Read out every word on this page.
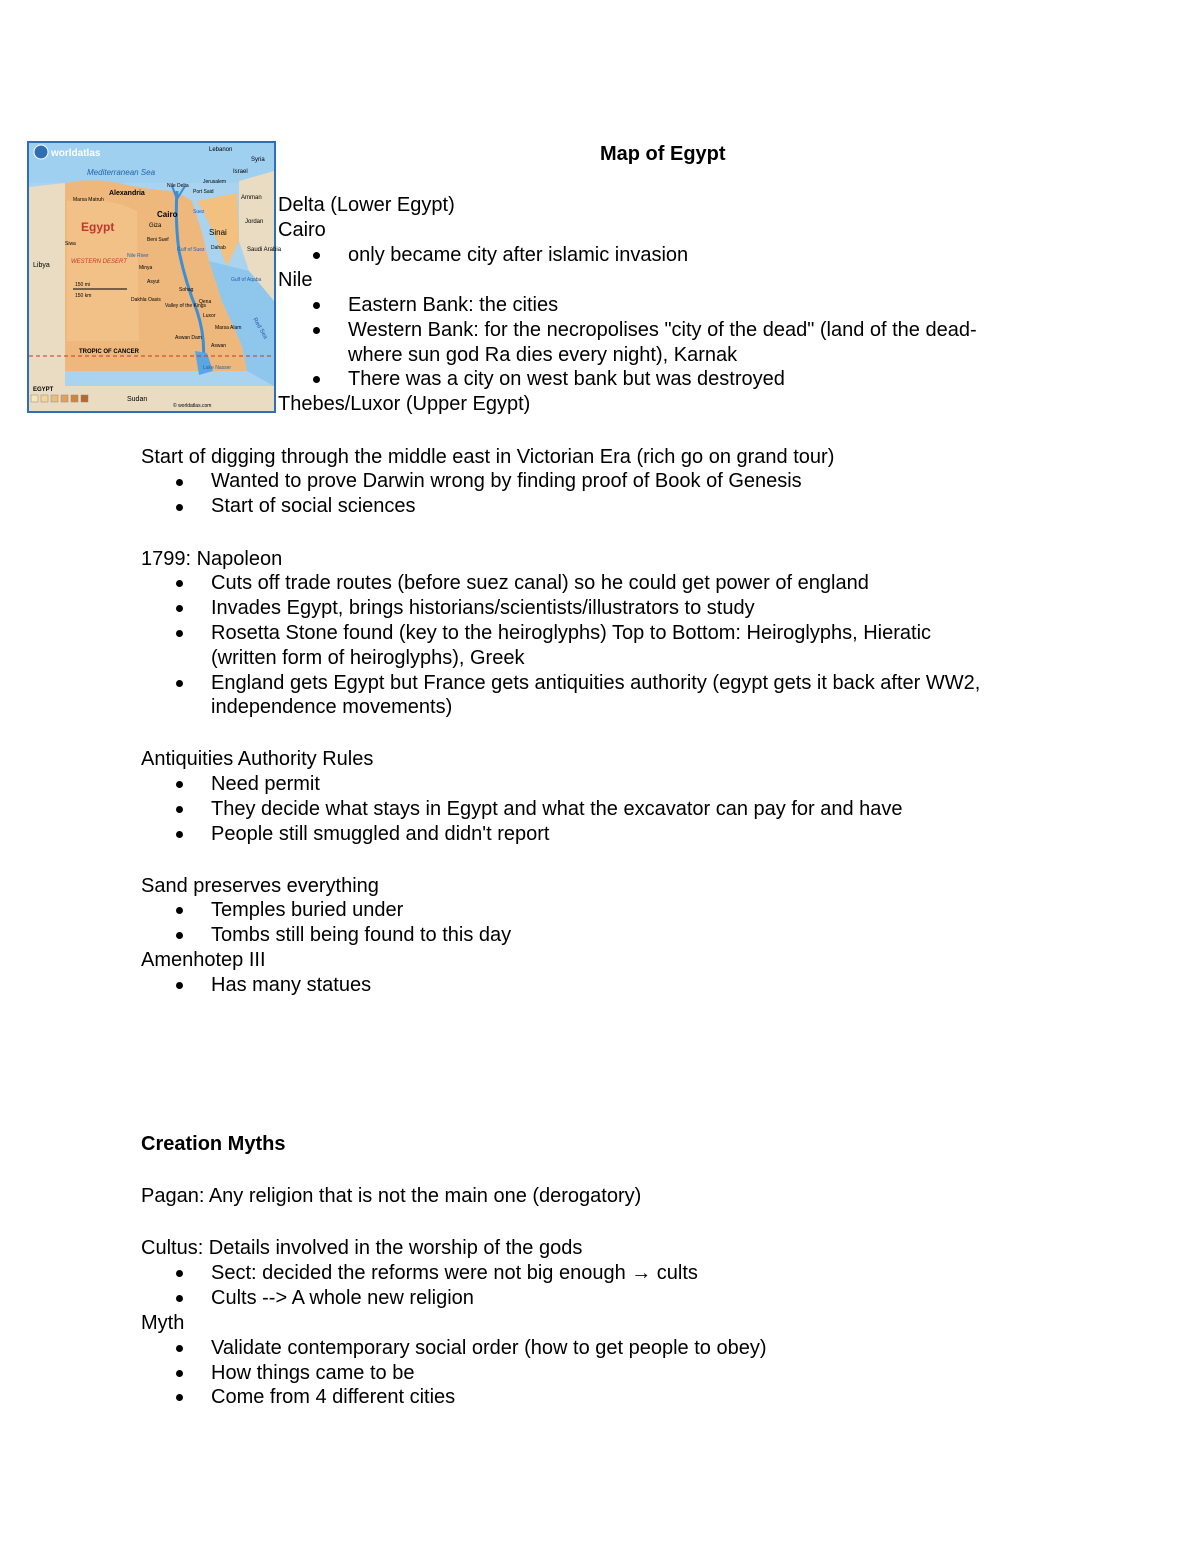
worldatlas
Mediterranean Sea
Egypt
Lebanon
Syria
Israel
Jerusalem
Jordan
Amman
Saudi Arabia
Libya
Sudan
Alexandria
Marsa Matruh
Nile Delta
Port Said
Cairo
Giza
Suez
Sinai
Dahab
Siwa
Beni Suef
Nile River
Gulf of Suez
Minya
Asyut
Sohag
Dakhla Oasis
Valley of the Kings
Qena
Luxor
Marsa Alam
Aswan Dam
Aswan
Lake Nasser
Gulf of Aqaba
Red Sea
TROPIC OF CANCER
WESTERN DESERT
150 mi
150 km
EGYPT
© worldatlas.com
Map of Egypt
Delta (Lower Egypt)
Cairo
only became city after islamic invasion
Nile
Eastern Bank: the cities
Western Bank: for the necropolises "city of the dead" (land of the dead-
where sun god Ra dies every night), Karnak
There was a city on west bank but was destroyed
Thebes/Luxor (Upper Egypt)
Start of digging through the middle east in Victorian Era (rich go on grand tour)
Wanted to prove Darwin wrong by finding proof of Book of Genesis
Start of social sciences
1799: Napoleon
Cuts off trade routes (before suez canal) so he could get power of england
Invades Egypt, brings historians/scientists/illustrators to study
Rosetta Stone found (key to the heiroglyphs) Top to Bottom: Heiroglyphs, Hieratic
(written form of heiroglyphs), Greek
England gets Egypt but France gets antiquities authority (egypt gets it back after WW2,
independence movements)
Antiquities Authority Rules
Need permit
They decide what stays in Egypt and what the excavator can pay for and have
People still smuggled and didn't report
Sand preserves everything
Temples buried under
Tombs still being found to this day
Amenhotep III
Has many statues
Creation Myths
Pagan: Any religion that is not the main one (derogatory)
Cultus: Details involved in the worship of the gods
Sect: decided the reforms were not big enough → cults
Cults --> A whole new religion
Myth
Validate contemporary social order (how to get people to obey)
How things came to be
Come from 4 different cities
